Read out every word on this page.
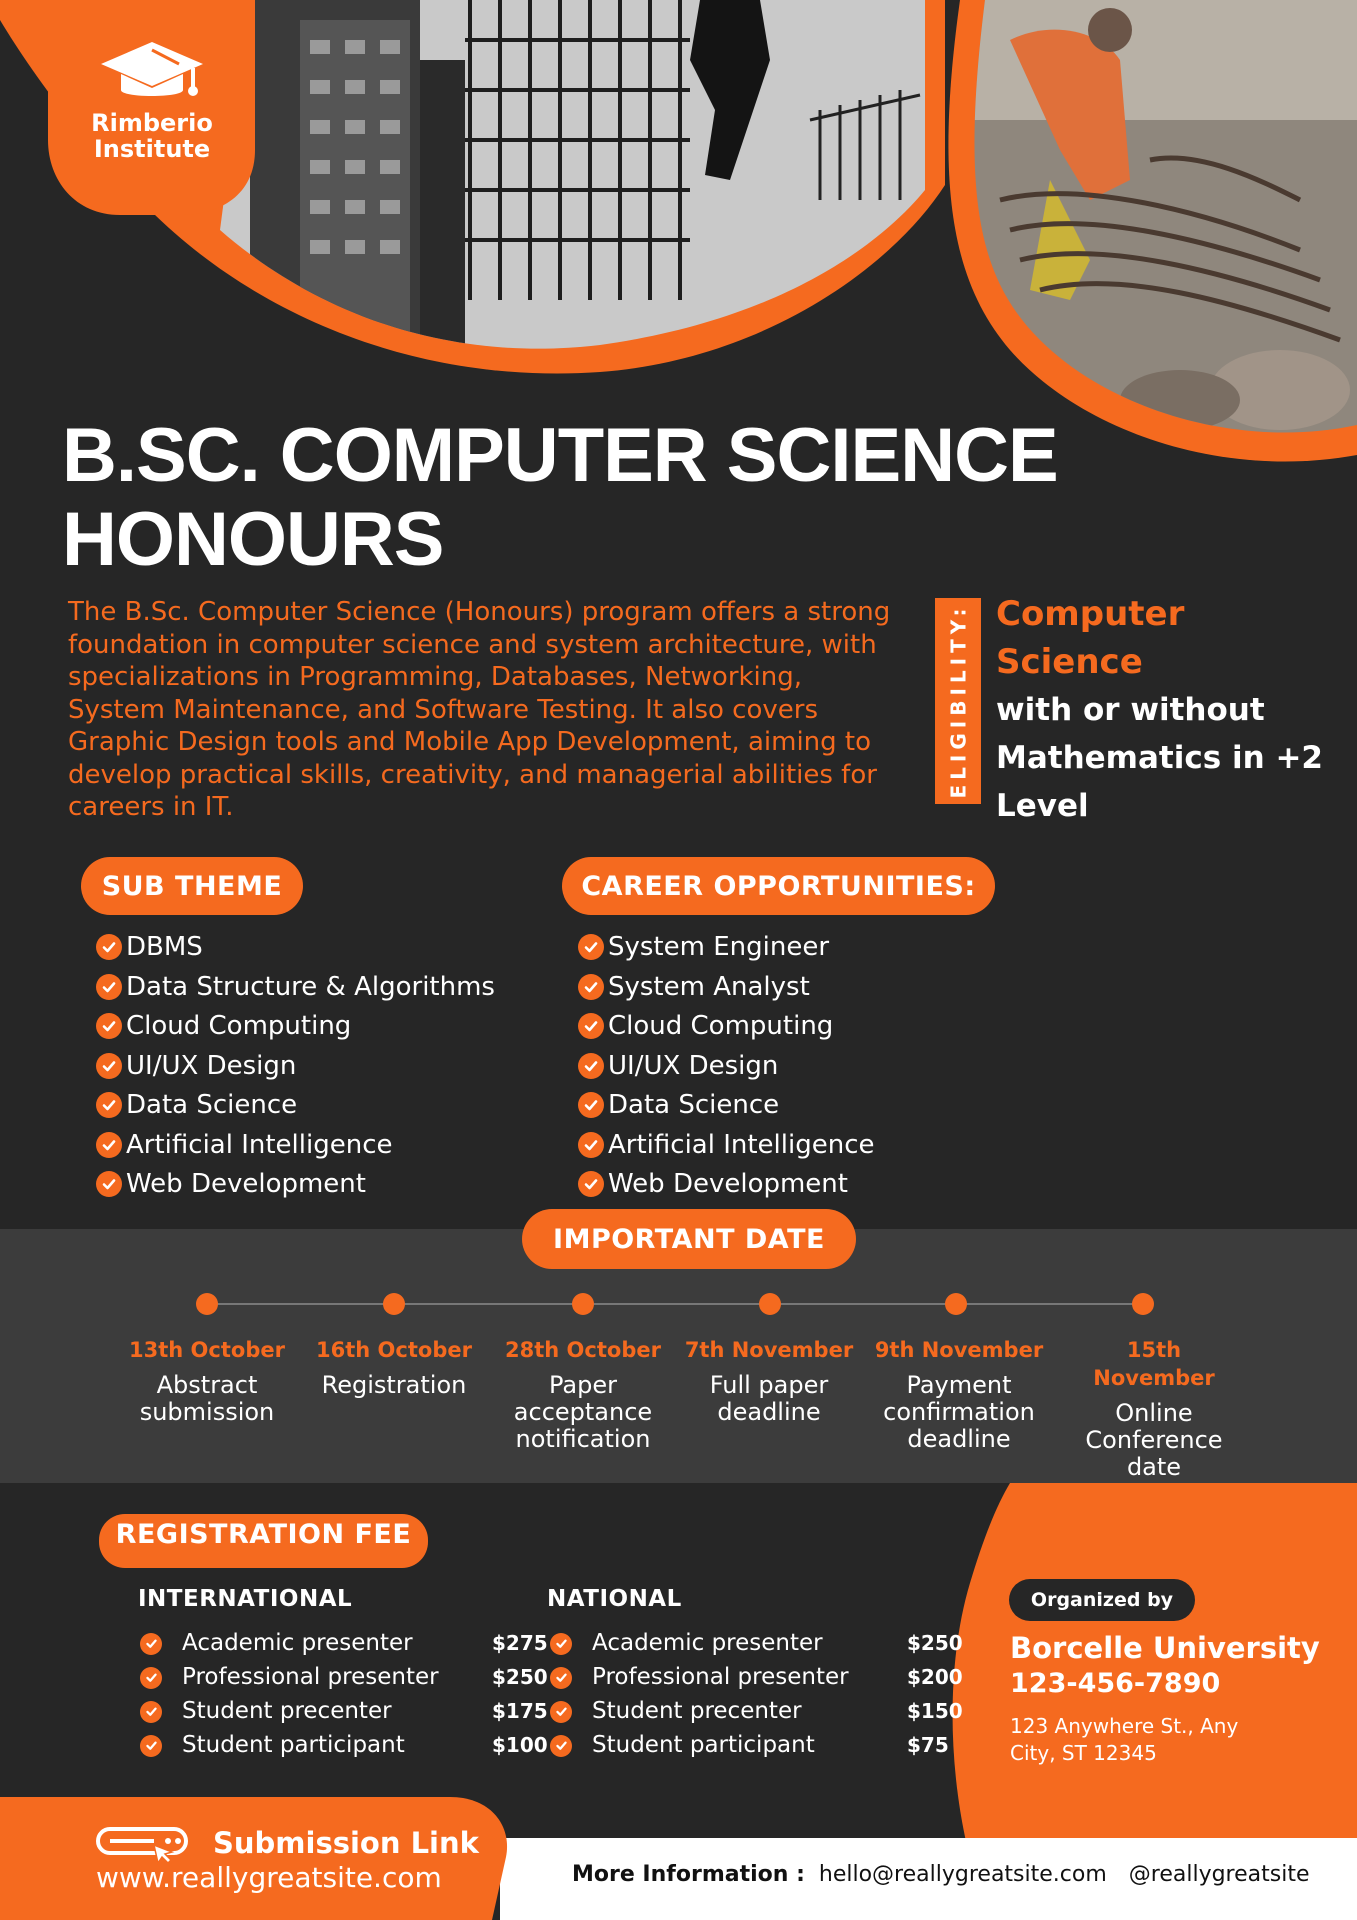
Rimberio
Institute
B.SC. COMPUTER SCIENCE
HONOURS

The B.Sc. Computer Science (Honours) program offers a strong foundation in computer science and system architecture, with specializations in Programming, Databases, Networking, System Maintenance, and Software Testing. It also covers Graphic Design tools and Mobile App Development, aiming to develop practical skills, creativity, and managerial abilities for careers in IT.

ELIGIBILITY: Computer Science
with or without
Mathematics in +2
Level
SUB THEME
DBMS
Data Structure & Algorithms
Cloud Computing
UI/UX Design
Data Science
Artificial Intelligence
Web Development
CAREER OPPORTUNITIES:
System Engineer
System Analyst
Cloud Computing
UI/UX Design
Data Science
Artificial Intelligence
Web Development
IMPORTANT DATE
13th October
Abstract
submission
16th October
Registration
28th October
Paper
acceptance
notification
7th November
Full paper
deadline
9th November
Payment
confirmation
deadline
15th November
Online
Conference
date
REGISTRATION FEE
INTERNATIONAL
	Academic presenter	$275

	Professional presenter	$250

	Student precenter	$175

	Student participant	$100
NATIONAL
	Academic presenter	$250

	Professional presenter	$200

	Student precenter	$150

	Student participant	$75
Organized by
Borcelle University
123-456-7890
123 Anywhere St., Any
City, ST 12345
Submission Link
www.reallygreatsite.com	More Information : hello@reallygreatsite.com @reallygreatsite
